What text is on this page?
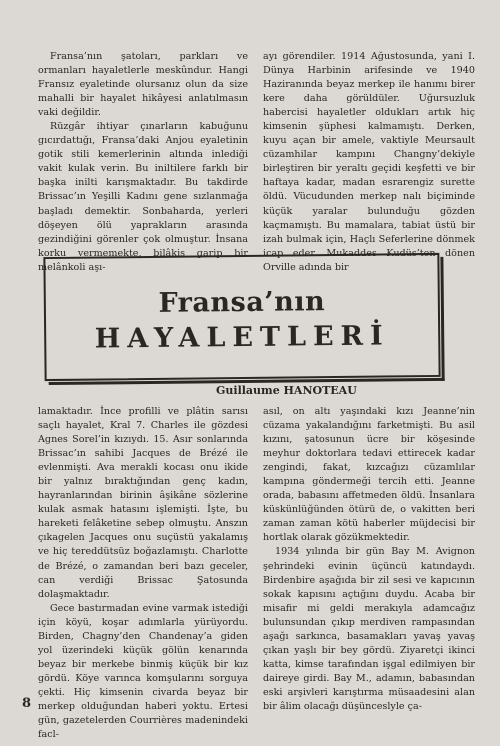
Fransa’nın şatoları, parkları ve ormanları hayaletlerle meskûndur. Hangi Fransız eyaletinde olursanız olun da size mahalli bir hayalet hikâyesi anlatılmasın vaki değildir.

Rüzgâr ihtiyar çınarların kabuğunu gıcırdattığı, Fransa’daki Anjou eyaletinin gotik stili kemerlerinin altında inlediği vakit kulak verin. Bu iniltilere farklı bir başka inilti karışmaktadır. Bu takdirde Brissac’ın Yeşilli Kadını gene sızlanmağa başladı demektir. Sonbaharda, yerleri döşeyen ölü yaprakların arasında gezindiğini görenler çok olmuştur. İnsana korku vermemekte, bilâkis garip bir melânkoli aşı-

ayı görendiler. 1914 Ağustosunda, yani I. Dünya Harbinin arifesinde ve 1940 Haziranında beyaz merkep ile hanımı birer kere daha görüldüler. Uğursuzluk habercisi hayaletler oldukları artık hiç kimsenin şüphesi kalmamıştı. Derken, kuyu açan bir amele, vaktiyle Meursault cüzamhilar kampını Changny’dekiyle birleştiren bir yeraltı geçidi keşfetti ve bir haftaya kadar, madan esrarengiz surette öldü. Vücudunden merkep nalı biçiminde küçük yaralar bulunduğu gözden kaçmamıştı. Bu mamalara, tabiat üstü bir izah bulmak için, Haçlı Seferlerine dönmek icap eder. Mukaddes Kudüs’ten dönen Orville adında bir

Fransa’nın
HAYALETLERİ
Guillaume HANOTEAU

lamaktadır. İnce profilli ve plâtin sarısı saçlı hayalet, Kral 7. Charles ile gözdesi Agnes Sorel’in kızıydı. 15. Asır sonlarında Brissac’ın sahibi Jacques de Brézé ile evlenmişti. Ava merakli kocası onu ikide bir yalnız bıraktığından genç kadın, hayranlarından birinin âşikâne sözlerine kulak asmak hatasını işlemişti. İşte, bu hareketi felâketine sebep olmuştu. Anszın çıkagelen Jacques onu suçüstü yakalamış ve hiç tereddütsüz boğazlamıştı. Charlotte de Brézé, o zamandan beri bazı geceler, can verdiği Brissac Şatosunda dolaşmaktadır.

Gece bastırmadan evine varmak istediği için köyü, koşar adımlarla yürüyordu. Birden, Chagny’den Chandenay’a giden yol üzerindeki küçük gölün kenarında beyaz bir merkebe binmiş küçük bir kız gördü. Köye varınca komşularını sorguya çekti. Hiç kimsenin civarda beyaz bir merkep olduğundan haberi yoktu. Ertesi gün, gazetelerden Courrières madenindeki facl-

asıl, on altı yaşındaki kızı Jeanne’nin cüzama yakalandığını farketmişti. Bu asil kızını, şatosunun ücre bir köşesinde meyhur doktorlara tedavi ettirecek kadar zengindi, fakat, kızcağızı cüzamlılar kampına göndermeği tercih etti. Jeanne orada, babasını affetmeden öldü. İnsanlara küskünlüğünden ötürü de, o vakitten beri zaman zaman kötü haberler müjdecisi bir hortlak olarak gözükmektedir.

1934 yılında bir gün Bay M. Avignon şehrindeki evinin üçüncü katındaydı. Birdenbire aşağıda bir zil sesi ve kapıcının sokak kapısını açtığını duydu. Acaba bir misafir mi geldi merakıyla adamcağız bulunsundan çıkıp merdiven rampasından aşağı sarkınca, basamakları yavaş yavaş çıkan yaşlı bir bey gördü. Ziyaretçi ikinci katta, kimse tarafından işgal edilmiyen bir daireye girdi. Bay M., adamın, babasından eski arşivleri karıştırma müsaadesini alan bir âlim olacağı düşünceslyle ça-

8
